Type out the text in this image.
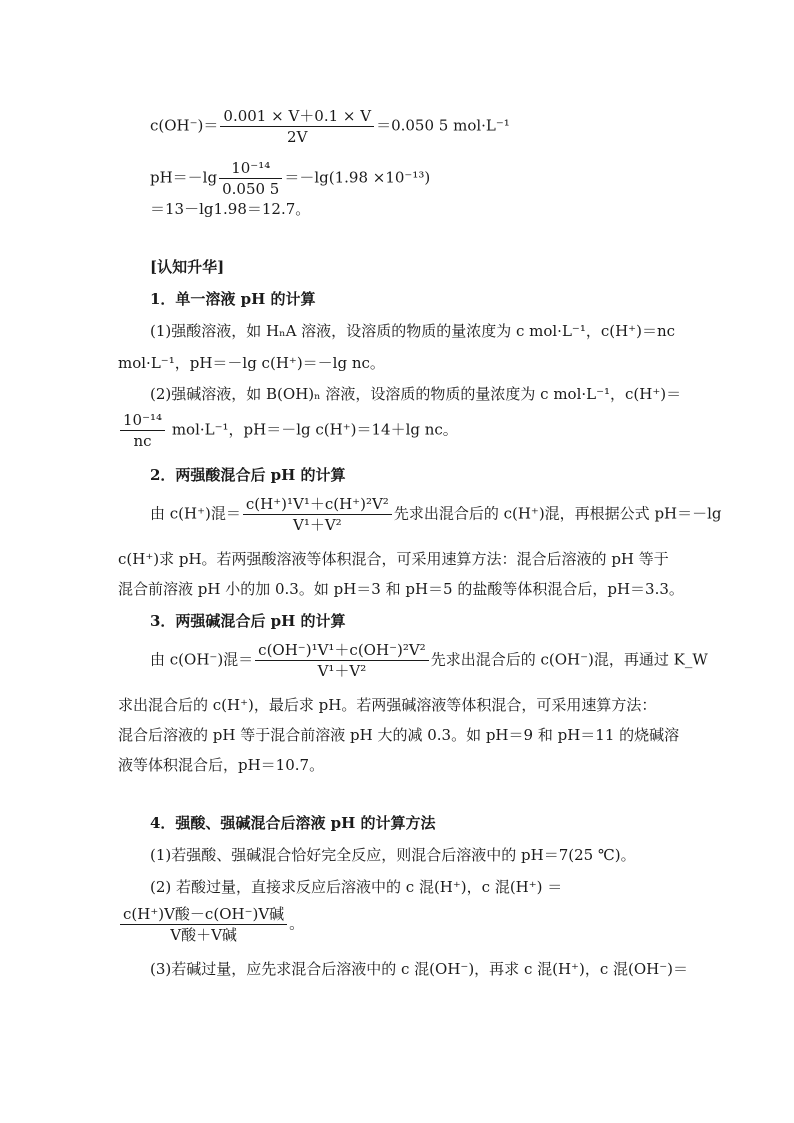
$c(OH^-)= \frac{0.001 \times V+0.1 \times V}{2V} =0.050$ 5 mol·L⁻¹
$pH=-\lg \frac{\text{10⁻¹⁴}}{0.050 5} =-\lg(1.98 \times 10^{-13})$
＝13－lg1.98＝12.7。
[认知升华]
1．单一溶液 pH 的计算
(1)强酸溶液，如 HₙA 溶液，设溶质的物质的量浓度为 c mol·L⁻¹，c(H⁺)＝nc
mol·L⁻¹，pH＝－lg c(H⁺)＝－lg nc。
(2)强碱溶液，如 B(OH)ₙ 溶液，设溶质的物质的量浓度为 c mol·L⁻¹，c(H⁺)＝
$\frac{\text{10⁻¹⁴}}{nc} mol\cdot L^{-1}$，pH＝－lg c(H⁺)＝14＋lg nc。
2．两强酸混合后 pH 的计算
由 c(H⁺)混＝ $\frac{\text{c(H⁺)¹V¹＋c(H⁺)²V²}}{\text{V¹＋V²}}$ 先求出混合后的 c(H⁺)混，再根据公式 pH＝－lg
c(H⁺)求 pH。若两强酸溶液等体积混合，可采用速算方法：混合后溶液的 pH 等于
混合前溶液 pH 小的加 0.3。如 pH＝3 和 pH＝5 的盐酸等体积混合后，pH＝3.3。
3．两强碱混合后 pH 的计算
由 c(OH⁻)混＝ $\frac{\text{c(OH⁻)¹V¹＋c(OH⁻)²V²}}{\text{V¹＋V²}}$ 先求出混合后的 c(OH⁻)混，再通过 K_W
求出混合后的 c(H⁺)，最后求 pH。若两强碱溶液等体积混合，可采用速算方法：
混合后溶液的 pH 等于混合前溶液 pH 大的减 0.3。如 pH＝9 和 pH＝11 的烧碱溶
液等体积混合后，pH＝10.7。
4．强酸、强碱混合后溶液 pH 的计算方法
(1)若强酸、强碱混合恰好完全反应，则混合后溶液中的 pH＝7(25 ℃)。
(2) 若酸过量，直接求反应后溶液中的 c 混(H⁺)，c 混(H⁺) ＝
$\frac{\text{c(H⁺)V酸－c(OH⁻)V碱}}{\text{V酸＋V碱}}$ 。
(3)若碱过量，应先求混合后溶液中的 c 混(OH⁻)，再求 c 混(H⁺)，c 混(OH⁻)＝
